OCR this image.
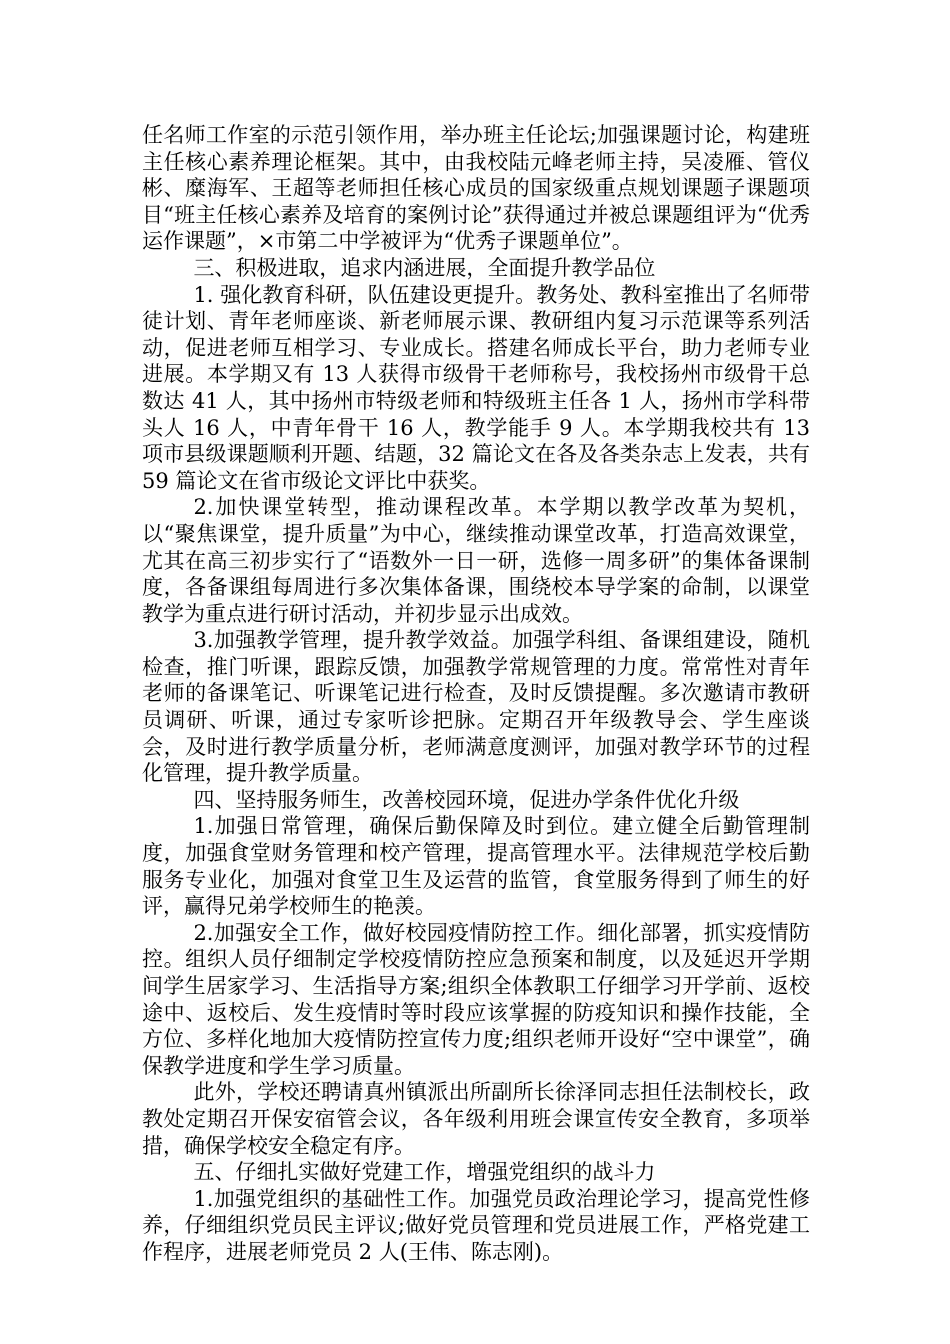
任名师工作室的示范引领作用，举办班主任论坛;加强课题讨论，构建班主任核心素养理论框架。其中，由我校陆元峰老师主持，吴凌雁、管仪彬、糜海军、王超等老师担任核心成员的国家级重点规划课题子课题项目“班主任核心素养及培育的案例讨论”获得通过并被总课题组评为“优秀运作课题”，×市第二中学被评为“优秀子课题单位”。

三、积极进取，追求内涵进展，全面提升教学品位

1. 强化教育科研，队伍建设更提升。教务处、教科室推出了名师带徒计划、青年老师座谈、新老师展示课、教研组内复习示范课等系列活动，促进老师互相学习、专业成长。搭建名师成长平台，助力老师专业进展。本学期又有 13 人获得市级骨干老师称号，我校扬州市级骨干总数达 41 人，其中扬州市特级老师和特级班主任各 1 人，扬州市学科带头人 16 人，中青年骨干 16 人，教学能手 9 人。本学期我校共有 13 项市县级课题顺利开题、结题，32 篇论文在各及各类杂志上发表，共有 59 篇论文在省市级论文评比中获奖。

2.加快课堂转型，推动课程改革。本学期以教学改革为契机，以“聚焦课堂，提升质量”为中心，继续推动课堂改革，打造高效课堂，尤其在高三初步实行了“语数外一日一研，选修一周多研”的集体备课制度，各备课组每周进行多次集体备课，围绕校本导学案的命制，以课堂教学为重点进行研讨活动，并初步显示出成效。

3.加强教学管理，提升教学效益。加强学科组、备课组建设，随机检查，推门听课，跟踪反馈，加强教学常规管理的力度。常常性对青年老师的备课笔记、听课笔记进行检查，及时反馈提醒。多次邀请市教研员调研、听课，通过专家听诊把脉。定期召开年级教导会、学生座谈会，及时进行教学质量分析，老师满意度测评，加强对教学环节的过程化管理，提升教学质量。

四、坚持服务师生，改善校园环境，促进办学条件优化升级

1.加强日常管理，确保后勤保障及时到位。建立健全后勤管理制度，加强食堂财务管理和校产管理，提高管理水平。法律规范学校后勤服务专业化，加强对食堂卫生及运营的监管，食堂服务得到了师生的好评，赢得兄弟学校师生的艳羡。

2.加强安全工作，做好校园疫情防控工作。细化部署，抓实疫情防控。组织人员仔细制定学校疫情防控应急预案和制度，以及延迟开学期间学生居家学习、生活指导方案;组织全体教职工仔细学习开学前、返校途中、返校后、发生疫情时等时段应该掌握的防疫知识和操作技能，全方位、多样化地加大疫情防控宣传力度;组织老师开设好“空中课堂”，确保教学进度和学生学习质量。

此外，学校还聘请真州镇派出所副所长徐泽同志担任法制校长，政教处定期召开保安宿管会议，各年级利用班会课宣传安全教育，多项举措，确保学校安全稳定有序。

五、仔细扎实做好党建工作，增强党组织的战斗力

1.加强党组织的基础性工作。加强党员政治理论学习，提高党性修养，仔细组织党员民主评议;做好党员管理和党员进展工作，严格党建工作程序，进展老师党员 2 人(王伟、陈志刚)。
